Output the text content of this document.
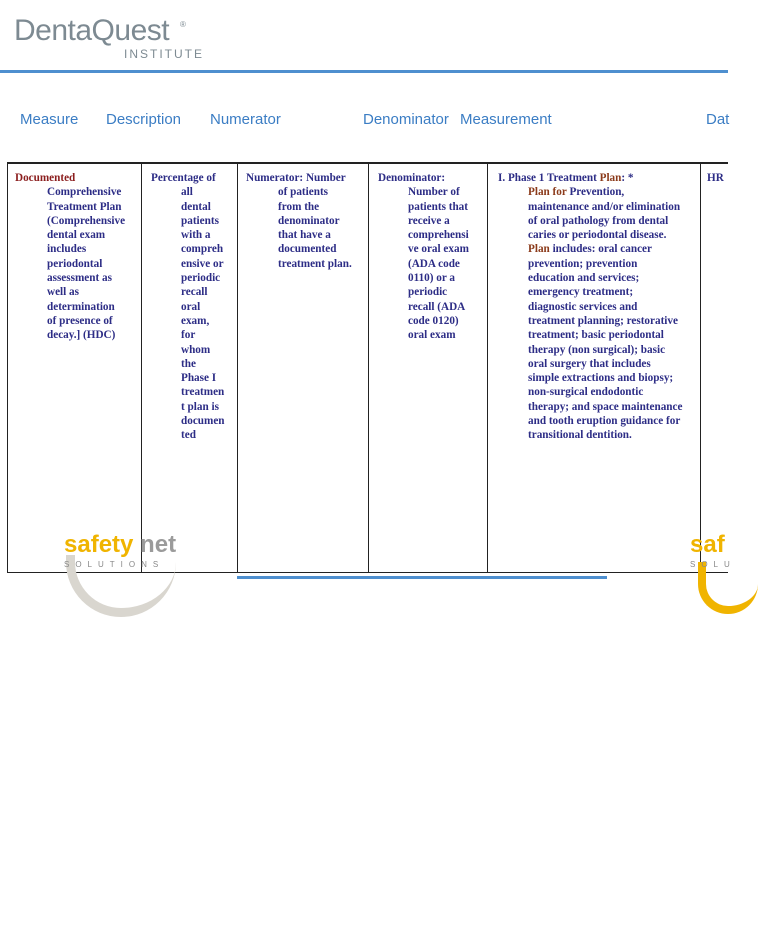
DentaQuest ®
INSTITUTE
Measure Description Numerator	Denominator Measurement	Dat

Documented

Comprehensive

Treatment Plan

(Comprehensive

dental exam

includes

periodontal

assessment as

well as

determination

of presence of

decay.] (HDC)

Percentage of

all

dental

patients

with a

compreh

ensive or

periodic

recall

oral

exam,

for

whom

the

Phase I

treatmen

t plan is

documen

ted

Numerator: Number

of patients

from the

denominator

that have a

documented

treatment plan.

Denominator:

Number of

patients that

receive a

comprehensi

ve oral exam

(ADA code

0110) or a

periodic

recall (ADA

code 0120)

oral exam

I. Phase 1 Treatment Plan: *

Plan for Prevention,

maintenance and/or elimination

of oral pathology from dental

caries or periodontal disease.

Plan includes: oral cancer

prevention; prevention

education and services;

emergency treatment;

diagnostic services and

treatment planning; restorative

treatment; basic periodontal

therapy (non surgical); basic

oral surgery that includes

simple extractions and biopsy;

non-surgical endodontic

therapy; and space maintenance

and tooth eruption guidance for

transitional dentition.

HR

safety net
SOLUTIONS
saf
SOLU
